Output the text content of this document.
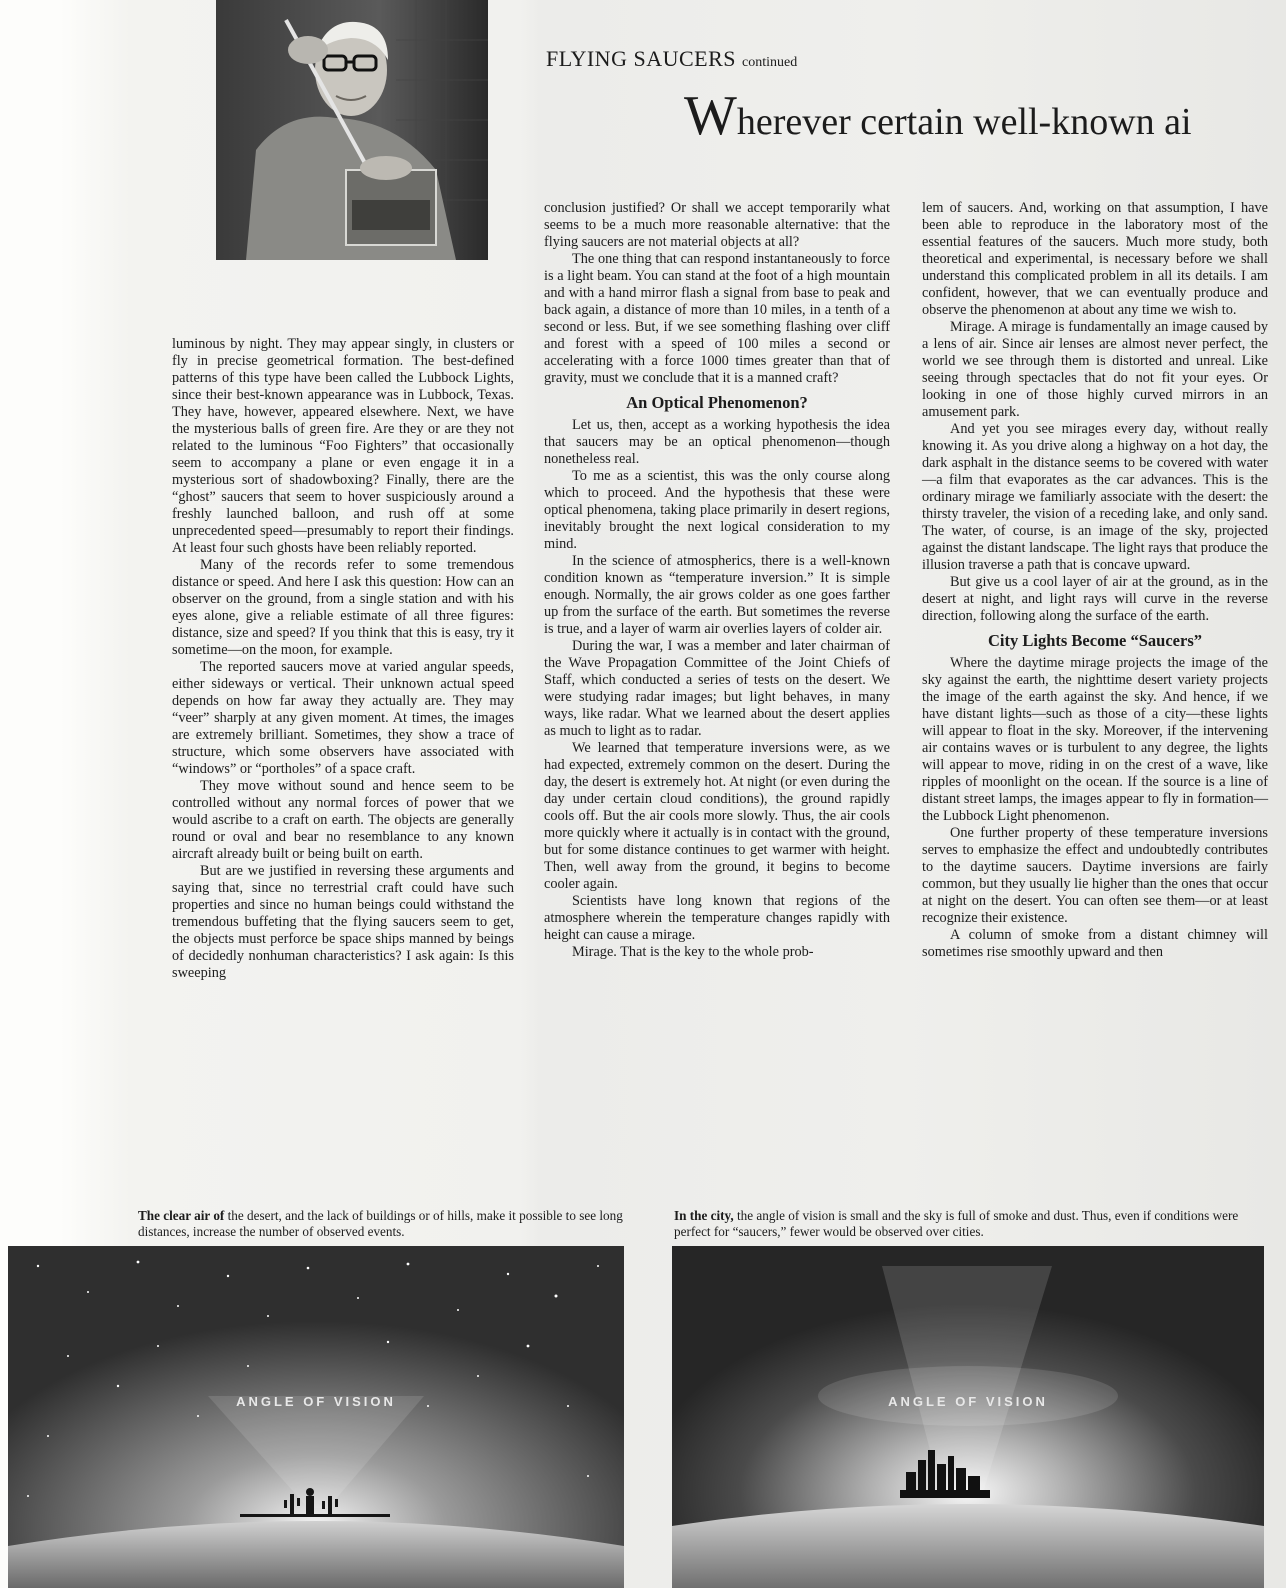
FLYING SAUCERS continued
Wherever certain well-known ai

luminous by night. They may appear singly, in clusters or fly in precise geometrical formation. The best-defined patterns of this type have been called the Lubbock Lights, since their best-known appearance was in Lubbock, Texas. They have, however, appeared elsewhere. Next, we have the mysterious balls of green fire. Are they or are they not related to the luminous “Foo Fighters” that occasionally seem to accompany a plane or even engage it in a mysterious sort of shadowboxing? Finally, there are the “ghost” saucers that seem to hover suspiciously around a freshly launched balloon, and rush off at some unprecedented speed—presumably to report their findings. At least four such ghosts have been reliably reported.

Many of the records refer to some tremendous distance or speed. And here I ask this question: How can an observer on the ground, from a single station and with his eyes alone, give a reliable estimate of all three figures: distance, size and speed? If you think that this is easy, try it sometime—on the moon, for example.

The reported saucers move at varied angular speeds, either sideways or vertical. Their unknown actual speed depends on how far away they actually are. They may “veer” sharply at any given moment. At times, the images are extremely brilliant. Sometimes, they show a trace of structure, which some observers have associated with “windows” or “portholes” of a space craft.

They move without sound and hence seem to be controlled without any normal forces of power that we would ascribe to a craft on earth. The objects are generally round or oval and bear no resemblance to any known aircraft already built or being built on earth.

But are we justified in reversing these arguments and saying that, since no terrestrial craft could have such properties and since no human beings could withstand the tremendous buffeting that the flying saucers seem to get, the objects must perforce be space ships manned by beings of decidedly nonhuman characteristics? I ask again: Is this sweeping

conclusion justified? Or shall we accept temporarily what seems to be a much more reasonable alternative: that the flying saucers are not material objects at all?

The one thing that can respond instantaneously to force is a light beam. You can stand at the foot of a high mountain and with a hand mirror flash a signal from base to peak and back again, a distance of more than 10 miles, in a tenth of a second or less. But, if we see something flashing over cliff and forest with a speed of 100 miles a second or accelerating with a force 1000 times greater than that of gravity, must we conclude that it is a manned craft?

An Optical Phenomenon?

Let us, then, accept as a working hypothesis the idea that saucers may be an optical phenomenon—though nonetheless real.

To me as a scientist, this was the only course along which to proceed. And the hypothesis that these were optical phenomena, taking place primarily in desert regions, inevitably brought the next logical consideration to my mind.

In the science of atmospherics, there is a well-known condition known as “temperature inversion.” It is simple enough. Normally, the air grows colder as one goes farther up from the surface of the earth. But sometimes the reverse is true, and a layer of warm air overlies layers of colder air.

During the war, I was a member and later chairman of the Wave Propagation Committee of the Joint Chiefs of Staff, which conducted a series of tests on the desert. We were studying radar images; but light behaves, in many ways, like radar. What we learned about the desert applies as much to light as to radar.

We learned that temperature inversions were, as we had expected, extremely common on the desert. During the day, the desert is extremely hot. At night (or even during the day under certain cloud conditions), the ground rapidly cools off. But the air cools more slowly. Thus, the air cools more quickly where it actually is in contact with the ground, but for some distance continues to get warmer with height. Then, well away from the ground, it begins to become cooler again.

Scientists have long known that regions of the atmosphere wherein the temperature changes rapidly with height can cause a mirage.

Mirage. That is the key to the whole prob-

lem of saucers. And, working on that assumption, I have been able to reproduce in the laboratory most of the essential features of the saucers. Much more study, both theoretical and experimental, is necessary before we shall understand this complicated problem in all its details. I am confident, however, that we can eventually produce and observe the phenomenon at about any time we wish to.

Mirage. A mirage is fundamentally an image caused by a lens of air. Since air lenses are almost never perfect, the world we see through them is distorted and unreal. Like seeing through spectacles that do not fit your eyes. Or looking in one of those highly curved mirrors in an amusement park.

And yet you see mirages every day, without really knowing it. As you drive along a highway on a hot day, the dark asphalt in the distance seems to be covered with water—a film that evaporates as the car advances. This is the ordinary mirage we familiarly associate with the desert: the thirsty traveler, the vision of a receding lake, and only sand. The water, of course, is an image of the sky, projected against the distant landscape. The light rays that produce the illusion traverse a path that is concave upward.

But give us a cool layer of air at the ground, as in the desert at night, and light rays will curve in the reverse direction, following along the surface of the earth.

City Lights Become “Saucers”

Where the daytime mirage projects the image of the sky against the earth, the nighttime desert variety projects the image of the earth against the sky. And hence, if we have distant lights—such as those of a city—these lights will appear to float in the sky. Moreover, if the intervening air contains waves or is turbulent to any degree, the lights will appear to move, riding in on the crest of a wave, like ripples of moonlight on the ocean. If the source is a line of distant street lamps, the images appear to fly in formation—the Lubbock Light phenomenon.

One further property of these temperature inversions serves to emphasize the effect and undoubtedly contributes to the daytime saucers. Daytime inversions are fairly common, but they usually lie higher than the ones that occur at night on the desert. You can often see them—or at least recognize their existence.

A column of smoke from a distant chimney will sometimes rise smoothly upward and then

The clear air of the desert, and the lack of buildings or of hills, make it possible to see long distances, increase the number of observed events.
In the city, the angle of vision is small and the sky is full of smoke and dust. Thus, even if conditions were perfect for “saucers,” fewer would be observed over cities.
ANGLE OF VISION	ANGLE OF VISION
